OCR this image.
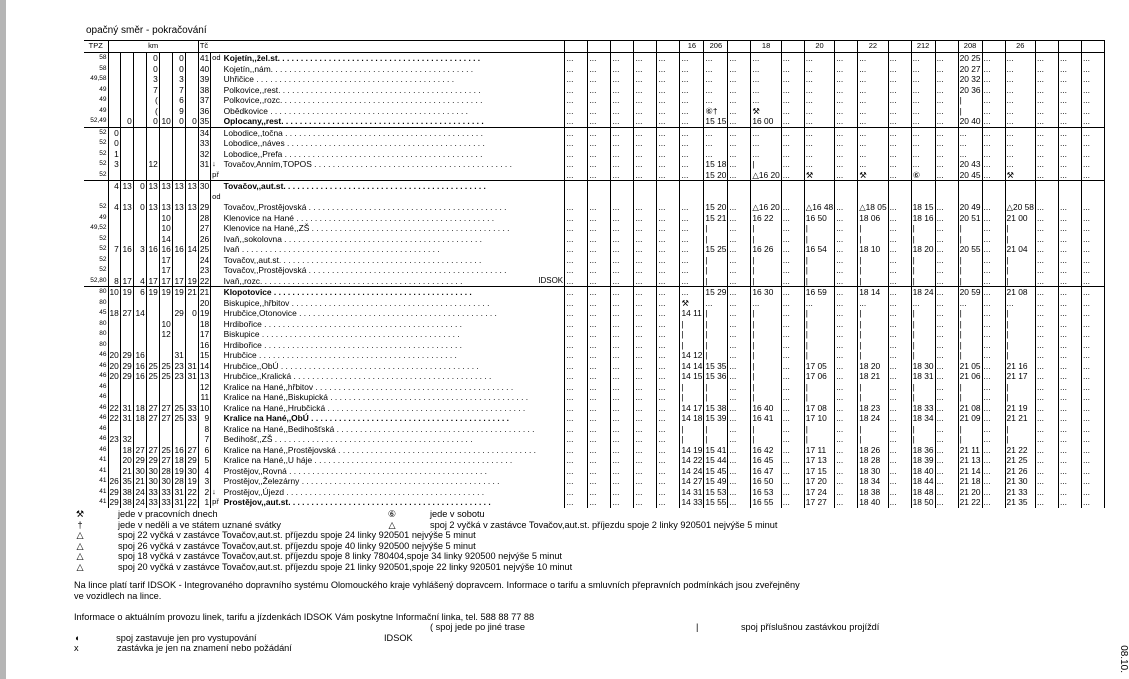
opačný směr - pokračování
TPZ	km							Tč									16	206		18		20		22		212		208		26			
58				0		0		41	od	Kojetín,,žel.st. . . .		...	...	...	...	...	...	...	...	...	...	...	...	...	...	...	...	20 25	...	...	...	...	...
58				0		0		40		Kojetín,,nám. . . .		...	...	...	...	...	...	...	...	...	...	...	...	...	...	...	...	20 27	...	...	...	...	...
49,58				3		3		39		Uhřičice . . .		...	...	...	...	...	...	...	...	...	...	...	...	...	...	...	...	20 32	...	...	...	...	...
49				7		7		38		Polkovice,,rest. . . .		...	...	...	...	...	...	...	...	...	...	...	...	...	...	...	...	20 36	...	...	...	...	...
49				(		6		37		Polkovice,,rozc. . . .		...	...	...	...	...	...	...	...	...	...	...	...	...	...	...	...	|	...	...	...	...	...
49				(		9		36		Obědkovice . . .		...	...	...	...	...	...	⑥†	...	⚒	...	...	...	...	...	...	...	|	...	...	...	...	...
52,49		0		0	10	0	0	35		Oplocany,,rest. . . .		...	...	...	...	...	...	15 15	...	16 00	...	...	...	...	...	...	...	20 40	...	...	...	...	...
52	0							34		Lobodice,,točna . . .		...	...	...	...	...	...	...	...	...	...	...	...	...	...	...	...	...	...	...	...	...	...
52	0							33		Lobodice,,náves . . .		...	...	...	...	...	...	...	...	...	...	...	...	...	...	...	...	...	...	...	...	...	...
52	1							32		Lobodice,,Prefa . . .		...	...	...	...	...	...	...	...	...	...	...	...	...	...	...	...	...	...	...	...	...	...
52	3			12				31	↓	Tovačov,Anním,TOPOS . . .		...	...	...	...	...	...	15 18	...	|	...	...	...	...	...	...	...	20 43	...	...	...	...	...
52									př			...	...	...	...	...	...	15 20	...	△16 20	...	⚒	...	⚒	...	⑥	...	20 45	...	⚒	...	...	...
	4	13	0	13	13	13	13	30		Tovačov,,aut.st. . . .

									od																								
52	4	13	0	13	13	13	13	29		Tovačov,,Prostějovská . . .		...	...	...	...	...	...	15 20	...	△16 20	...	△16 48	...	△18 05	...	18 15	...	20 49	...	△20 58	...	...	...
49					10			28		Klenovice na Hané . . .		...	...	...	...	...	...	15 21	...	16 22	...	16 50	...	18 06	...	18 16	...	20 51	...	21 00	...	...	...
49,52					10			27		Klenovice na Hané,,ZŠ . . .		...	...	...	...	...	...	|	...	|	...	|	...	|	...	|	...	|	...	|	...	...	...
52					14			26		Ivaň,,sokolovna . . .		...	...	...	...	...	...	|	...	|	...	|	...	|	...	|	...	|	...	|	...	...	...
52	7	16	3	16	16	16	14	25		Ivaň . . .		...	...	...	...	...	...	15 25	...	16 26	...	16 54	...	18 10	...	18 20	...	20 55	...	21 04	...	...	...
52					17			24		Tovačov,,aut.st. . . .		...	...	...	...	...	...	|	...	|	...	|	...	|	...	|	...	|	...	|	...	...	...
52					17			23		Tovačov,,Prostějovská . . .		...	...	...	...	...	...	|	...	|	...	|	...	|	...	|	...	|	...	|	...	...	...
52,80	8	17	4	17	17	17	19	22		Ivaň,,rozc. . . .	IDSOK	...	...	...	...	...	...	|	...	|	...	|	...	|	...	|	...	|	...	|	...	...	...
80	10	19	6	19	19	19	21	21		Klopotovice . . .		...	...	...	...	...	...	15 29	...	16 30	...	16 59	...	18 14	...	18 24	...	20 59	...	21 08	...	...	...
80								20		Biskupice,,hřbitov . . .		...	...	...	...	...	⚒	...	...	...	...	...	...	...	...	...	...	...	...	...	...	...	...
45	18	27	14			29	0	19		Hrubčice,Otonovice . . .		...	...	...	...	...	14 11	|	...	|	...	|	...	|	...	|	...	|	...	|	...	...	...
80					10			18		Hrdibořice . . .		...	...	...	...	...	|	|	...	|	...	|	...	|	...	|	...	|	...	|	...	...	...
80					12			17		Biskupice . . .		...	...	...	...	...	|	|	...	|	...	|	...	|	...	|	...	|	...	|	...	...	...
80								16		Hrdibořice . . .		...	...	...	...	...	|	|	...	|	...	|	...	|	...	|	...	|	...	|	...	...	...
46	20	29	16			31		15		Hrubčice . . .		...	...	...	...	...	14 12	|	...	|	...	|	...	|	...	|	...	|	...	|	...	...	...
46	20	29	16	25	25	23	31	14		Hrubčice,,ObÚ . . .		...	...	...	...	...	14 14	15 35	...	|	...	17 05	...	18 20	...	18 30	...	21 05	...	21 16	...	...	...
46	20	29	16	25	25	23	31	13		Hrubčice,,Kralická . . .		...	...	...	...	...	14 15	15 36	...	|	...	17 06	...	18 21	...	18 31	...	21 06	...	21 17	...	...	...
46								12		Kralice na Hané,,hřbitov . . .		...	...	...	...	...	|	|	...	|	...	|	...	|	...	|	...	|	...	|	...	...	...
46								11		Kralice na Hané,,Biskupická . . .		...	...	...	...	...	|	|	...	|	...	|	...	|	...	|	...	|	...	|	...	...	...
46	22	31	18	27	27	25	33	10		Kralice na Hané,,Hrubčická . . .		...	...	...	...	...	14 17	15 38	...	16 40	...	17 08	...	18 23	...	18 33	...	21 08	...	21 19	...	...	...
46	22	31	18	27	27	25	33	9		Kralice na Hané,,ObÚ . . .		...	...	...	...	...	14 18	15 39	...	16 41	...	17 10	...	18 24	...	18 34	...	21 09	...	21 21	...	...	...
46								8		Kralice na Hané,,Bedihošťská . . .		...	...	...	...	...	|	|	...	|	...	|	...	|	...	|	...	|	...	|	...	...	...
46	23	32						7		Bedihošť,,ZŠ . . .		...	...	...	...	...	|	|	...	|	...	|	...	|	...	|	...	|	...	|	...	...	...
46		18	27	27	25	16	27	6		Kralice na Hané,,Prostějovská . . .		...	...	...	...	...	14 19	15 41	...	16 42	...	17 11	...	18 26	...	18 36	...	21 11	...	21 22	...	...	...
41		20	29	29	27	18	29	5		Kralice na Hané,,U háje . . .		...	...	...	...	...	14 22	15 44	...	16 45	...	17 13	...	18 28	...	18 39	...	21 13	...	21 25	...	...	...
41		21	30	30	28	19	30	4		Prostějov,,Rovná . . .		...	...	...	...	...	14 24	15 45	...	16 47	...	17 15	...	18 30	...	18 40	...	21 14	...	21 26	...	...	...
41	26	35	21	30	30	28	19	3		Prostějov,,Železárny . . .		...	...	...	...	...	14 27	15 49	...	16 50	...	17 20	...	18 34	...	18 44	...	21 18	...	21 30	...	...	...
41	29	38	24	33	33	31	22	2	↓	Prostějov,,Újezd . . .		...	...	...	...	...	14 31	15 53	...	16 53	...	17 24	...	18 38	...	18 48	...	21 20	...	21 33	...	...	...
41	29	38	24	33	33	31	22	1	př	Prostějov,,aut.st. . . .		...	...	...	...	...	14 33	15 55	...	16 55	...	17 27	...	18 40	...	18 50	...	21 22	...	21 35	...	...	...
⚒	jede v pracovních dnech	⑥	jede v sobotu
†	jede v neděli a ve státem uznané svátky	△	spoj 2 vyčká v zastávce Tovačov,aut.st. příjezdu spoje 2 linky 920501 nejvýše 5 minut
△	spoj 22 vyčká v zastávce Tovačov,aut.st. příjezdu spoje 24 linky 920501 nejvýše 5 minut
△	spoj 26 vyčká v zastávce Tovačov,aut.st. příjezdu spoje 40 linky 920500 nejvýše 5 minut
△	spoj 18 vyčká v zastávce Tovačov,aut.st. příjezdu spoje 8 linky 780404,spoje 34 linky 920500 nejvýše 5 minut
△	spoj 20 vyčká v zastávce Tovačov,aut.st. příjezdu spoje 21 linky 920501,spoje 22 linky 920501 nejvýše 10 minut
Na lince platí tarif IDSOK - Integrovaného dopravního systému Olomouckého kraje vyhlášený dopravcem. Informace o tarifu a smluvních přepravních podmínkách jsou zveřejněny
ve vozidlech na lince.
Informace o aktuálním provozu linek, tarifu a jízdenkách IDSOK Vám poskytne Informační linka, tel. 588 88 77 88
( spoj jede po jiné trase	|	spoj příslušnou zastávkou projíždí
◖	spoj zastavuje jen pro vystupování	IDSOK
x	zastávka je jen na znamení nebo požádání	08.10.
